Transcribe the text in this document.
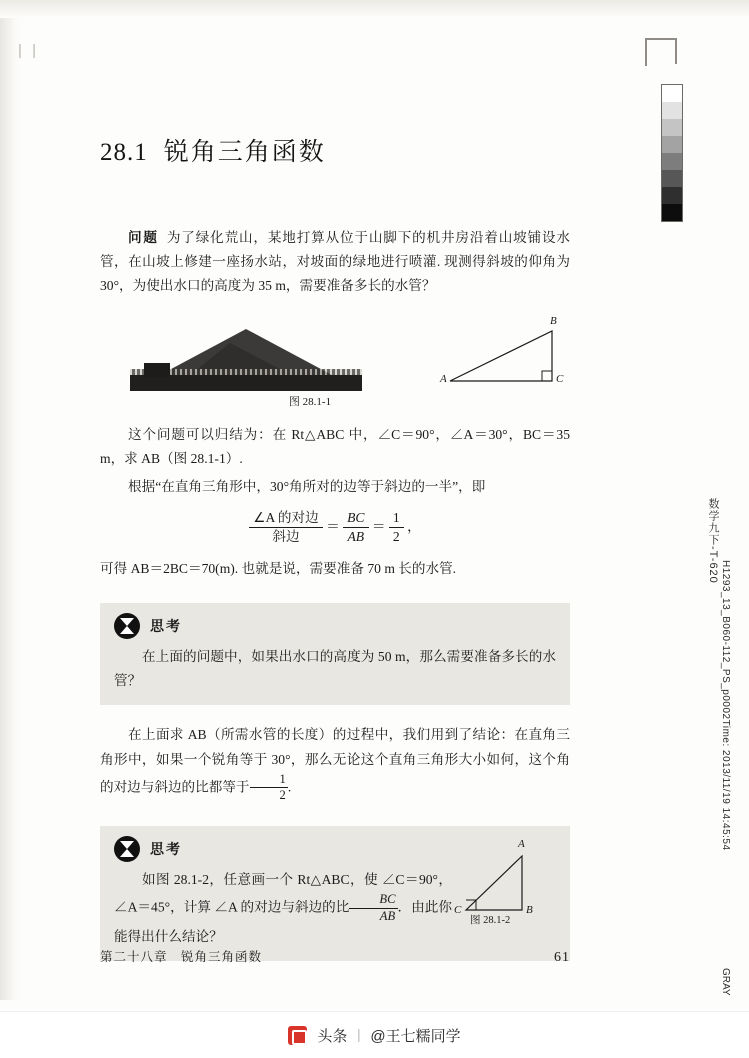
| |
28.1 锐角三角函数

问题 为了绿化荒山，某地打算从位于山脚下的机井房沿着山坡铺设水管，在山坡上修建一座扬水站，对坡面的绿地进行喷灌. 现测得斜坡的仰角为30°，为使出水口的高度为 35 m，需要准备多长的水管？

A
B
C
图 28.1-1

这个问题可以归结为：在 Rt△ABC 中，∠C＝90°，∠A＝30°，BC＝35 m，求 AB（图 28.1-1）.

根据“在直角三角形中，30°角所对的边等于斜边的一半”，即

$\frac{\text{∠A 的对边}}{\text{斜边}} = \frac{BC}{AB} = \frac{1}{2}$ ，

可得 AB＝2BC＝70(m). 也就是说，需要准备 70 m 长的水管.

思考

在上面的问题中，如果出水口的高度为 50 m，那么需要准备多长的水管？

在上面求 AB（所需水管的长度）的过程中，我们用到了结论：在直角三角形中，如果一个锐角等于 30°，那么无论这个直角三角形大小如何，这个角的对边与斜边的比都等于 $\frac{1}{2}$ .

思考

如图 28.1-2，任意画一个 Rt△ABC，使 ∠C＝90°，∠A＝45°，计算 ∠A 的对边与斜边的比 $\frac{BC}{AB}$ ．由此你能得出什么结论？

A
B
C
图 28.1-2
第二十八章　锐角三角函数	61
数学九下-T-620
H1293_13_B060-112_PS_p0002Time: 2013/11/19 14:45:54
GRAY
头条 | @王七糯同学
